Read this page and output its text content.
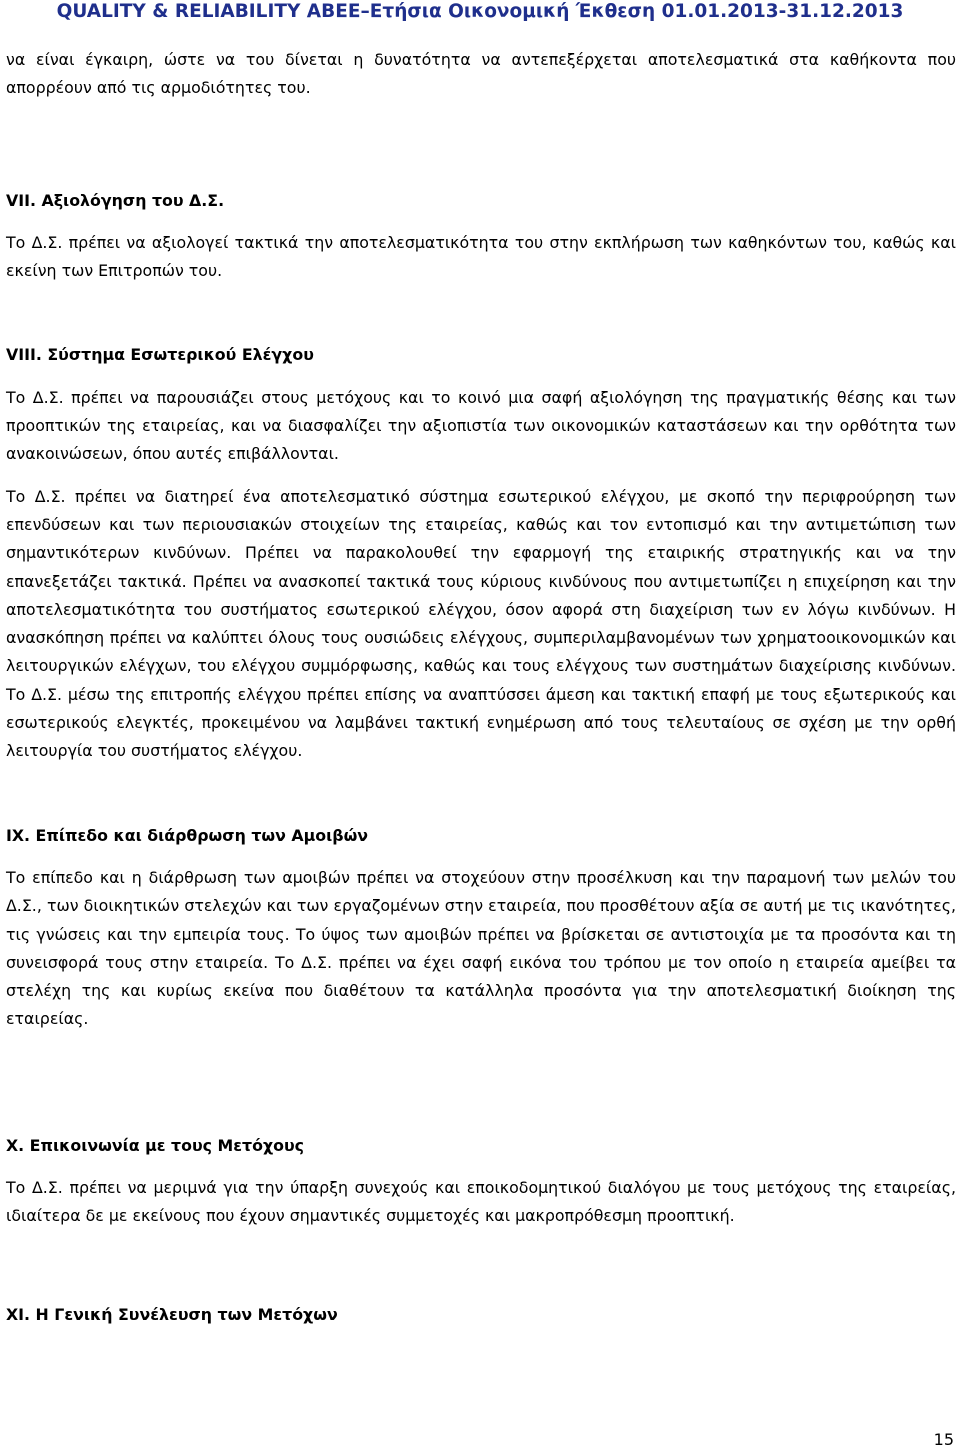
QUALITY & RELIABILITY ΑΒΕΕ–Ετήσια Οικονομική Έκθεση 01.01.2013-31.12.2013

να είναι έγκαιρη, ώστε να του δίνεται η δυνατότητα να αντεπεξέρχεται αποτελεσματικά στα καθήκοντα που απορρέουν από τις αρμοδιότητες του.

VII. Αξιολόγηση του Δ.Σ.

Το Δ.Σ. πρέπει να αξιολογεί τακτικά την αποτελεσματικότητα του στην εκπλήρωση των καθηκόντων του, καθώς και εκείνη των Επιτροπών του.

VIII. Σύστημα Εσωτερικού Ελέγχου

Το Δ.Σ. πρέπει να παρουσιάζει στους μετόχους και το κοινό μια σαφή αξιολόγηση της πραγματικής θέσης και των προοπτικών της εταιρείας, και να διασφαλίζει την αξιοπιστία των οικονομικών καταστάσεων και την ορθότητα των ανακοινώσεων, όπου αυτές επιβάλλονται.

Το Δ.Σ. πρέπει να διατηρεί ένα αποτελεσματικό σύστημα εσωτερικού ελέγχου, με σκοπό την περιφρούρηση των επενδύσεων και των περιουσιακών στοιχείων της εταιρείας, καθώς και τον εντοπισμό και την αντιμετώπιση των σημαντικότερων κινδύνων. Πρέπει να παρακολουθεί την εφαρμογή της εταιρικής στρατηγικής και να την επανεξετάζει τακτικά. Πρέπει να ανασκοπεί τακτικά τους κύριους κινδύνους που αντιμετωπίζει η επιχείρηση και την αποτελεσματικότητα του συστήματος εσωτερικού ελέγχου, όσον αφορά στη διαχείριση των εν λόγω κινδύνων. Η ανασκόπηση πρέπει να καλύπτει όλους τους ουσιώδεις ελέγχους, συμπεριλαμβανομένων των χρηματοοικονομικών και λειτουργικών ελέγχων, του ελέγχου συμμόρφωσης, καθώς και τους ελέγχους των συστημάτων διαχείρισης κινδύνων. Το Δ.Σ. μέσω της επιτροπής ελέγχου πρέπει επίσης να αναπτύσσει άμεση και τακτική επαφή με τους εξωτερικούς και εσωτερικούς ελεγκτές, προκειμένου να λαμβάνει τακτική ενημέρωση από τους τελευταίους σε σχέση με την ορθή λειτουργία του συστήματος ελέγχου.

IX. Επίπεδο και διάρθρωση των Αμοιβών

Το επίπεδο και η διάρθρωση των αμοιβών πρέπει να στοχεύουν στην προσέλκυση και την παραμονή των μελών του Δ.Σ., των διοικητικών στελεχών και των εργαζομένων στην εταιρεία, που προσθέτουν αξία σε αυτή με τις ικανότητες, τις γνώσεις και την εμπειρία τους. Το ύψος των αμοιβών πρέπει να βρίσκεται σε αντιστοιχία με τα προσόντα και τη συνεισφορά τους στην εταιρεία. Το Δ.Σ. πρέπει να έχει σαφή εικόνα του τρόπου με τον οποίο η εταιρεία αμείβει τα στελέχη της και κυρίως εκείνα που διαθέτουν τα κατάλληλα προσόντα για την αποτελεσματική διοίκηση της εταιρείας.

X. Επικοινωνία με τους Μετόχους

Το Δ.Σ. πρέπει να μεριμνά για την ύπαρξη συνεχούς και εποικοδομητικού διαλόγου με τους μετόχους της εταιρείας, ιδιαίτερα δε με εκείνους που έχουν σημαντικές συμμετοχές και μακροπρόθεσμη προοπτική.

XI. Η Γενική Συνέλευση των Μετόχων

15
